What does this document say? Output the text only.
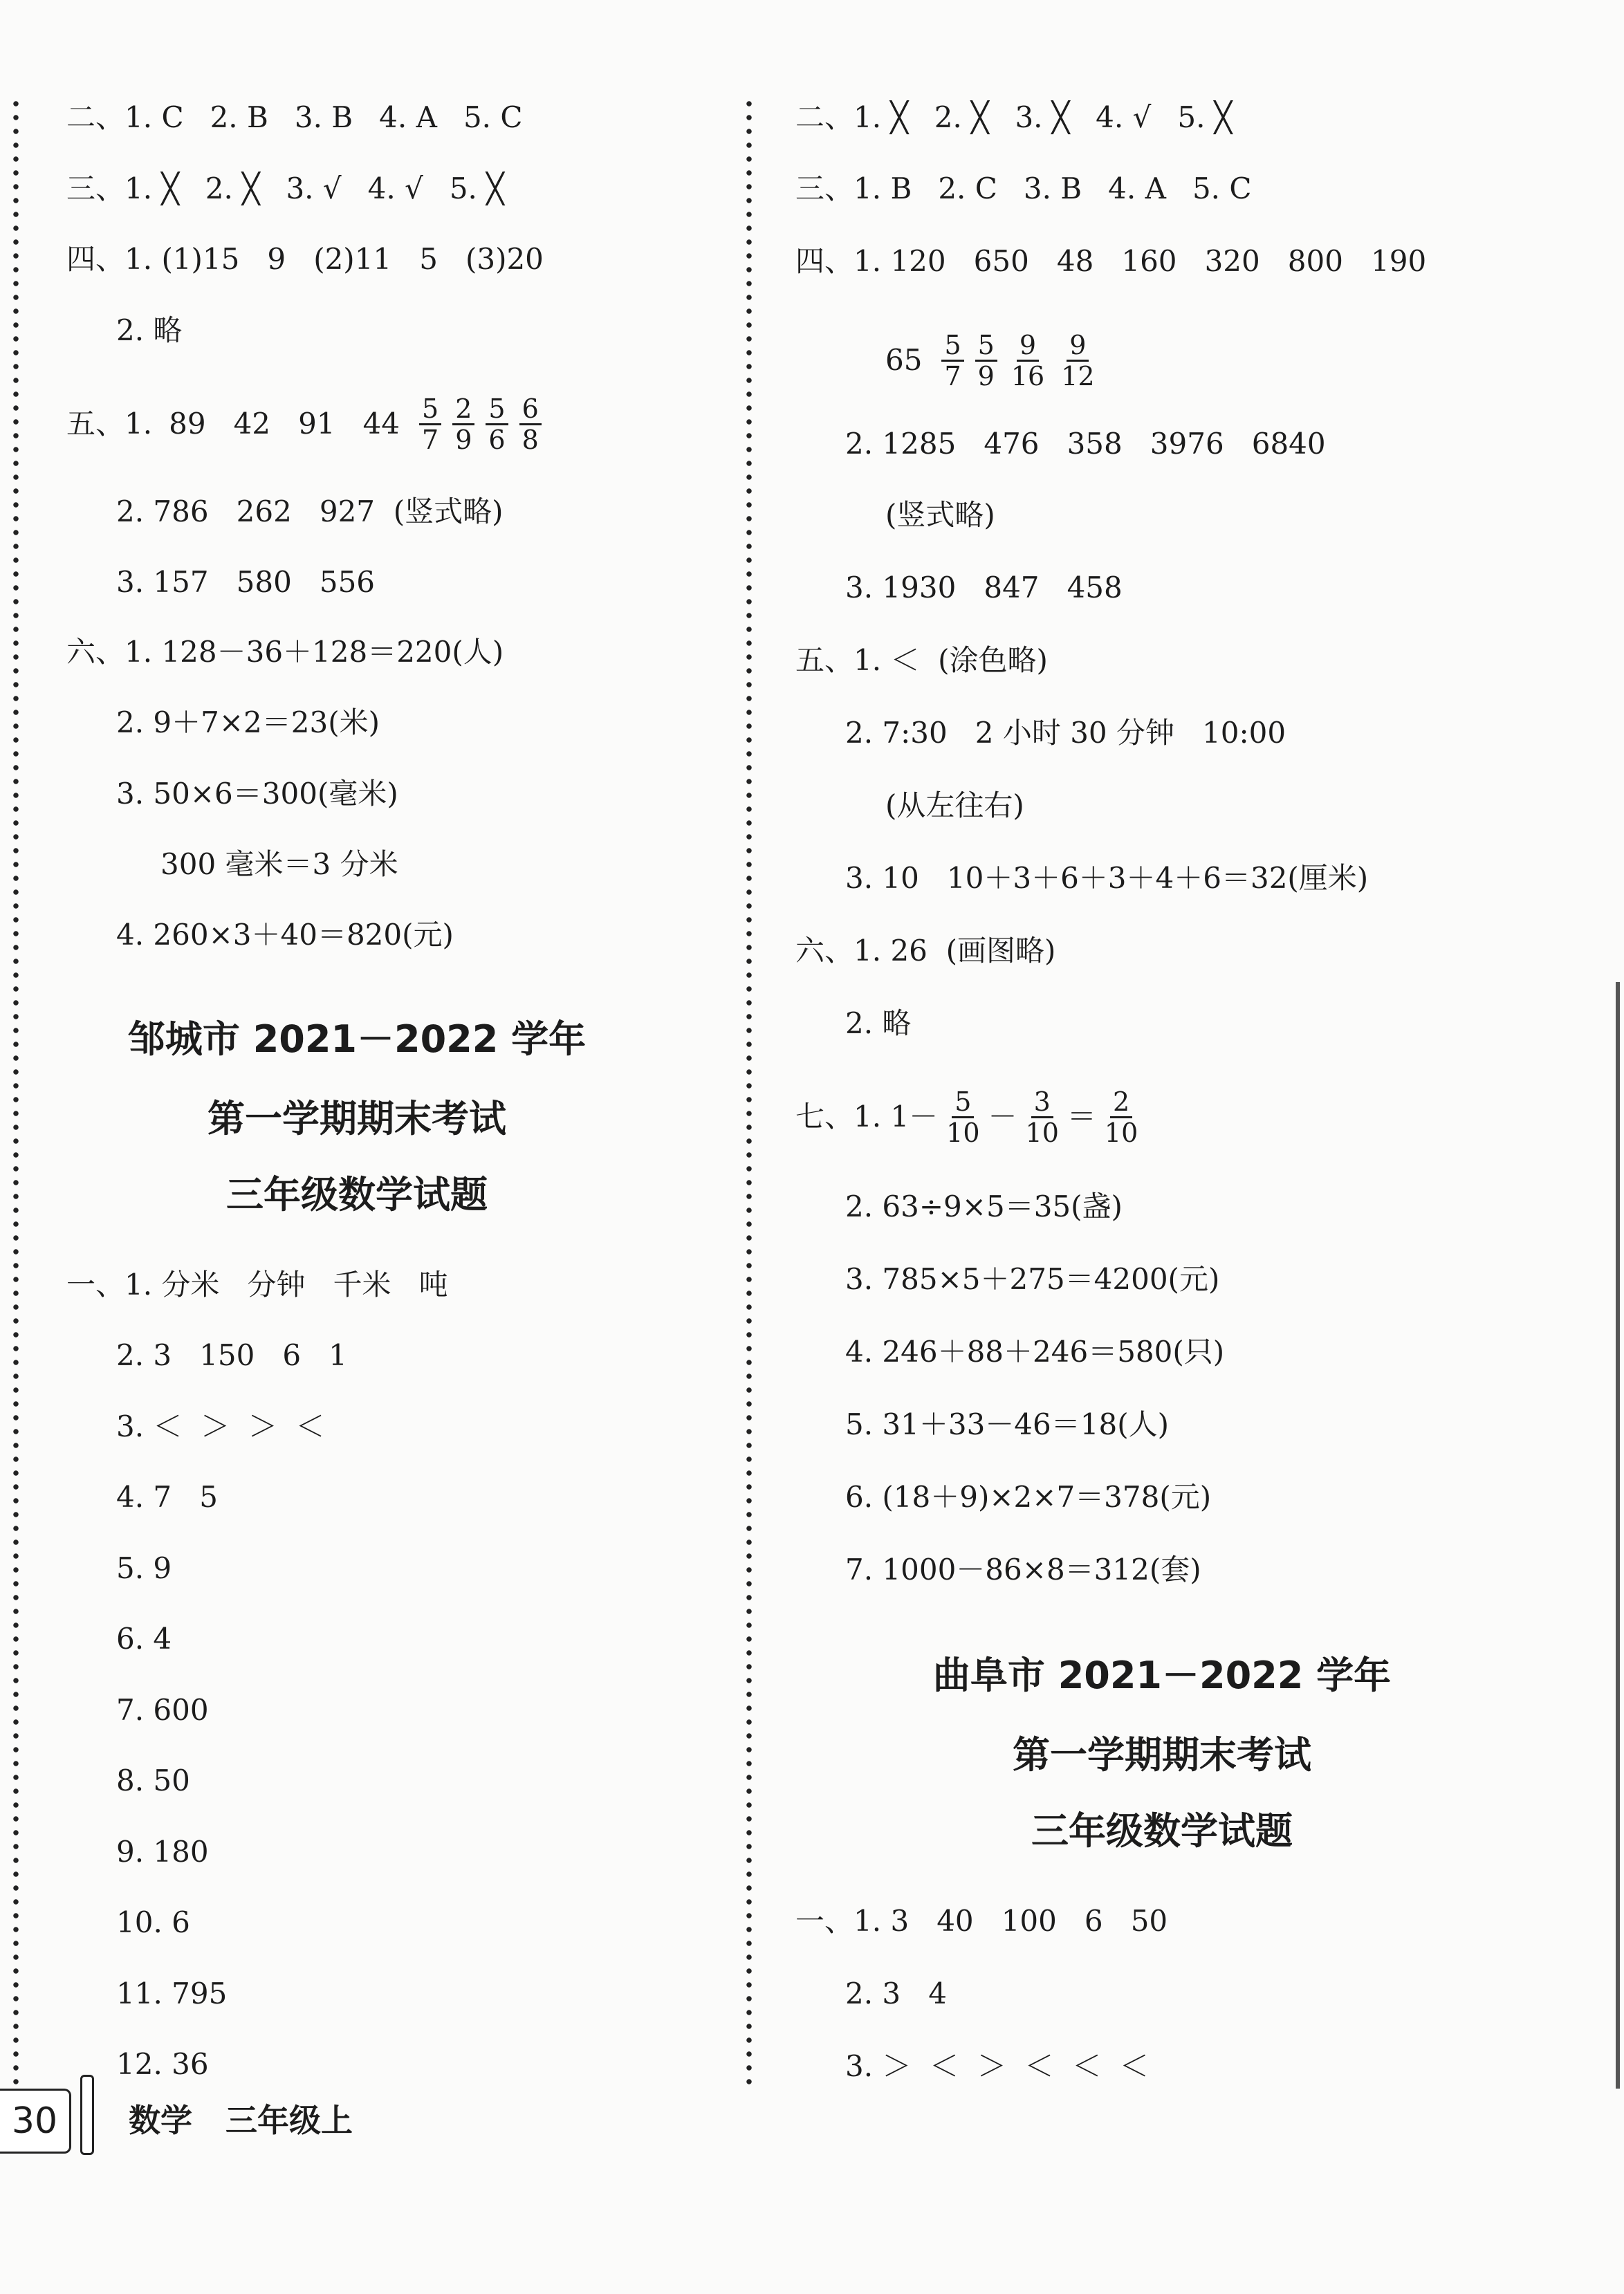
二、 1. C 2. B 3. B 4. A 5. C
三、 1. ╳ 2. ╳ 3. √ 4. √ 5. ╳
四、 1. (1)15   9   (2)11   5   (3)20
2. 略
五、 1. 89   42   91   $44 \frac{5}{7} \frac{2}{9} \frac{5}{6} \frac{6}{8}$
2. 786   262   927  (竖式略)
3. 157   580   556
六、 1. 128－36＋128＝220(人)
2. 9＋7×2＝23(米)
3. 50×6＝300(毫米)
300 毫米＝3 分米
4. 260×3＋40＝820(元)
邹城市 2021－2022 学年
第一学期期末考试
三年级数学试题
一、 1. 分米   分钟   千米   吨
2. 3   150   6   1
3. ＜  ＞  ＞  ＜
4. 7   5
5. 9
6. 4
7. 600
8. 50
9. 180
10. 6
11. 795
12. 36
二、 1. ╳ 2. ╳ 3. ╳ 4. √ 5. ╳
三、 1. B 2. C 3. B 4. A 5. C
四、 1. 120   650   48   160   320   800   190
$65 \frac{5}{7} \frac{5}{9} \frac{9}{16} \frac{9}{12}$
2. 1285   476   358   3976   6840
(竖式略)
3. 1930   847   458
五、 1. ＜  (涂色略)
2. 7:30   2 小时 30 分钟   10:00
(从左往右)
3. 10   10＋3＋6＋3＋4＋6＝32(厘米)
六、 1. 26  (画图略)
2. 略
七、 1. $1- \frac{5}{10} - \frac{3}{10} = \frac{2}{10}$
2. 63÷9×5＝35(盏)
3. 785×5＋275＝4200(元)
4. 246＋88＋246＝580(只)
5. 31＋33－46＝18(人)
6. (18＋9)×2×7＝378(元)
7. 1000－86×8＝312(套)
曲阜市 2021－2022 学年
第一学期期末考试
三年级数学试题
一、 1. 3   40   100   6   50
2. 3   4
3. ＞  ＜  ＞  ＜  ＜  ＜
30	数学   三年级上
